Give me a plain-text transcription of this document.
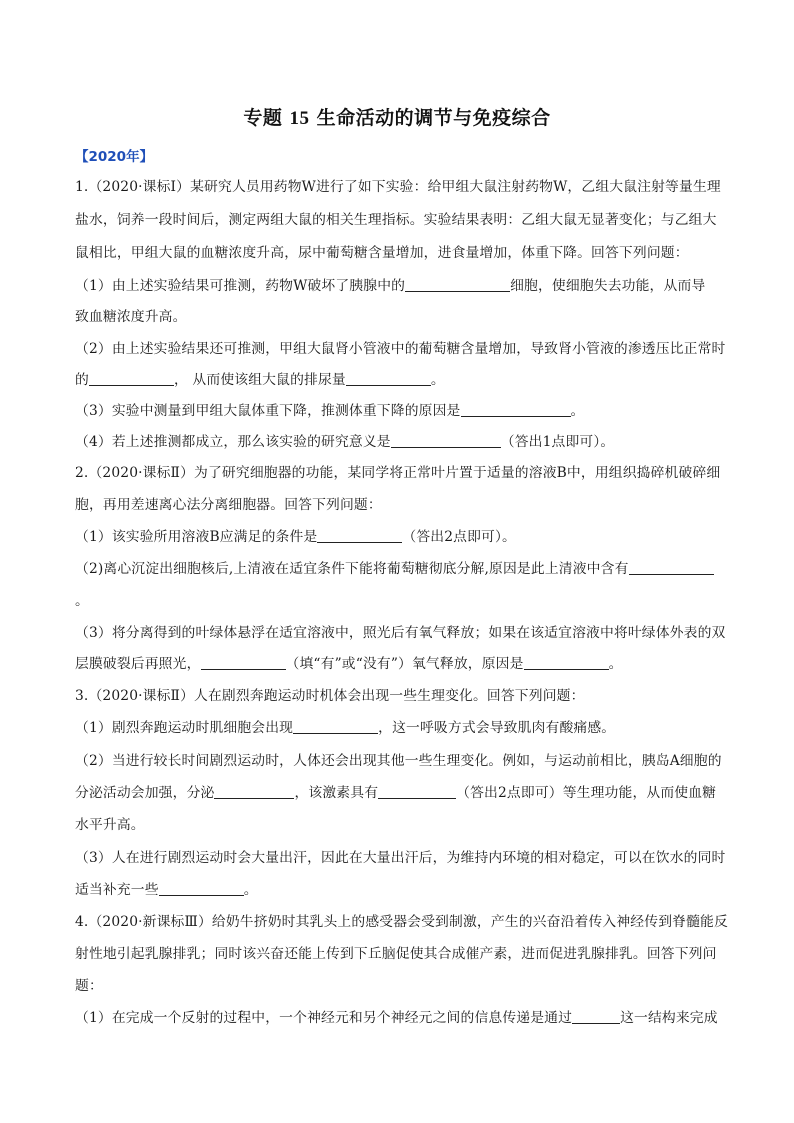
专题 15 生命活动的调节与免疫综合
【2020年】
1.（2020·课标Ⅰ）某研究人员用药物W进行了如下实验：给甲组大鼠注射药物W，乙组大鼠注射等量生理
盐水，饲养一段时间后，测定两组大鼠的相关生理指标。实验结果表明：乙组大鼠无显著变化；与乙组大
鼠相比，甲组大鼠的血糖浓度升高，尿中葡萄糖含量增加，进食量增加，体重下降。回答下列问题：
（1）由上述实验结果可推测，药物W破坏了胰腺中的	细胞，使细胞失去功能，从而导
致血糖浓度升高。
（2）由上述实验结果还可推测，甲组大鼠肾小管液中的葡萄糖含量增加，导致肾小管液的渗透压比正常时
的	， 从而使该组大鼠的排尿量	。
（3）实验中测量到甲组大鼠体重下降，推测体重下降的原因是	。
（4）若上述推测都成立，那么该实验的研究意义是	（答出1点即可）。
2.（2020·课标Ⅱ）为了研究细胞器的功能，某同学将正常叶片置于适量的溶液B中，用组织捣碎机破碎细
胞，再用差速离心法分离细胞器。回答下列问题：
（1）该实验所用溶液B应满足的条件是	（答出2点即可）。
（2)离心沉淀出细胞核后,上清液在适宜条件下能将葡萄糖彻底分解,原因是此上清液中含有
。
（3）将分离得到的叶绿体悬浮在适宜溶液中，照光后有氧气释放；如果在该适宜溶液中将叶绿体外表的双
层膜破裂后再照光，	（填“有”或“没有”）氧气释放，原因是	。
3.（2020·课标Ⅱ）人在剧烈奔跑运动时机体会出现一些生理变化。回答下列问题：
（1）剧烈奔跑运动时肌细胞会出现	，这一呼吸方式会导致肌肉有酸痛感。
（2）当进行较长时间剧烈运动时，人体还会出现其他一些生理变化。例如，与运动前相比，胰岛A细胞的
分泌活动会加强，分泌	，该激素具有	（答出2点即可）等生理功能，从而使血糖
水平升高。
（3）人在进行剧烈运动时会大量出汗，因此在大量出汗后，为维持内环境的相对稳定，可以在饮水的同时
适当补充一些	。
4.（2020·新课标Ⅲ）给奶牛挤奶时其乳头上的感受器会受到制激，产生的兴奋沿着传入神经传到脊髓能反
射性地引起乳腺排乳；同时该兴奋还能上传到下丘脑促使其合成催产素，进而促进乳腺排乳。回答下列问
题：
（1）在完成一个反射的过程中，一个神经元和另个神经元之间的信息传递是通过	这一结构来完成
